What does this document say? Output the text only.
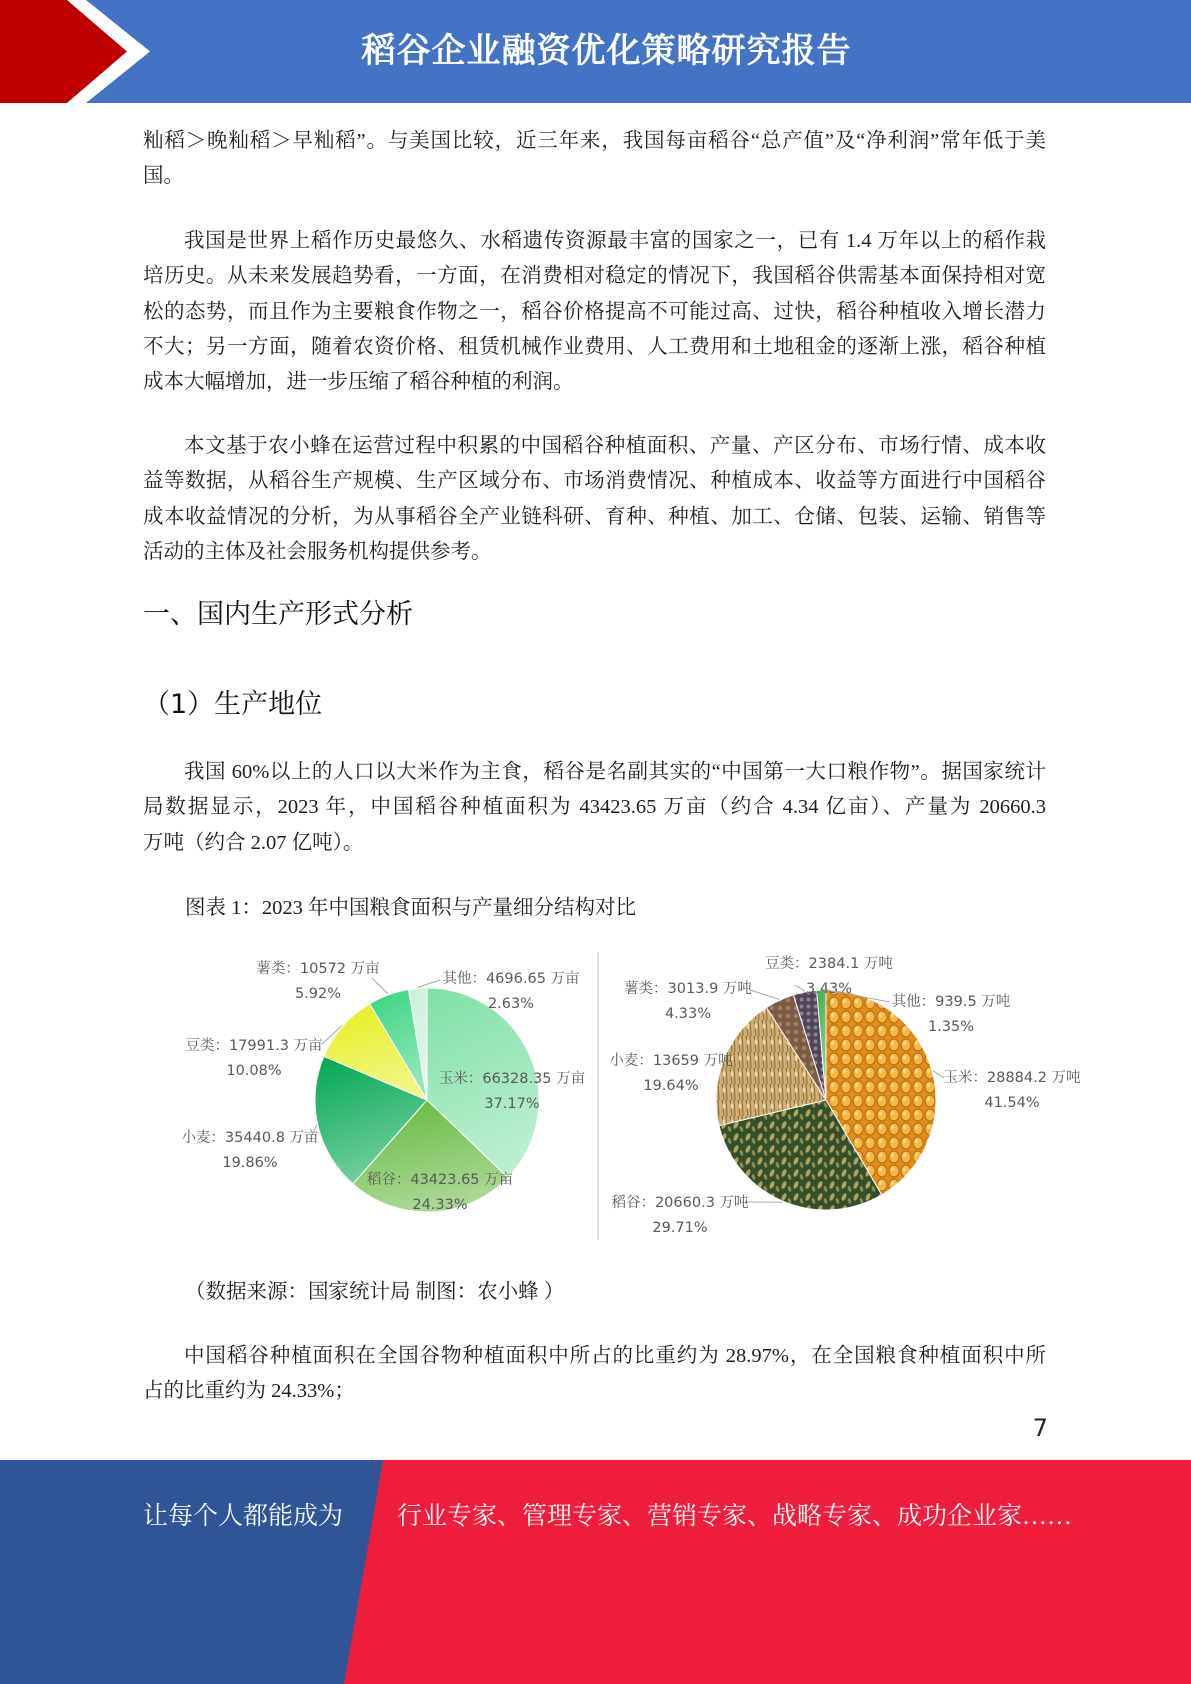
稻谷企业融资优化策略研究报告
籼稻＞晚籼稻＞早籼稻”。与美国比较，近三年来，我国每亩稻谷“总产值”及“净利润”常年低于美
国。
我国是世界上稻作历史最悠久、水稻遗传资源最丰富的国家之一，已有 1.4 万年以上的稻作栽
培历史。从未来发展趋势看，一方面，在消费相对稳定的情况下，我国稻谷供需基本面保持相对宽
松的态势，而且作为主要粮食作物之一，稻谷价格提高不可能过高、过快，稻谷种植收入增长潜力
不大；另一方面，随着农资价格、租赁机械作业费用、人工费用和土地租金的逐渐上涨，稻谷种植
成本大幅增加，进一步压缩了稻谷种植的利润。
本文基于农小蜂在运营过程中积累的中国稻谷种植面积、产量、产区分布、市场行情、成本收
益等数据，从稻谷生产规模、生产区域分布、市场消费情况、种植成本、收益等方面进行中国稻谷
成本收益情况的分析，为从事稻谷全产业链科研、育种、种植、加工、仓储、包装、运输、销售等
活动的主体及社会服务机构提供参考。
一、国内生产形式分析
（1）生产地位
我国 60%以上的人口以大米作为主食，稻谷是名副其实的“中国第一大口粮作物”。据国家统计
局数据显示，2023 年，中国稻谷种植面积为 43423.65 万亩（约合 4.34 亿亩）、产量为 20660.3
万吨（约合 2.07 亿吨）。
图表 1：2023 年中国粮食面积与产量细分结构对比
玉米：66328.35 万亩
37.17%
稻谷：43423.65 万亩
24.33%
小麦：35440.8 万亩
19.86%
豆类：17991.3 万亩
10.08%
薯类：10572 万亩
5.92%
其他：4696.65 万亩
2.63%
玉米：28884.2 万吨
41.54%
稻谷：20660.3 万吨
29.71%
小麦：13659 万吨
19.64%
薯类：3013.9 万吨
4.33%
豆类：2384.1 万吨
3.43%
其他：939.5 万吨
1.35%
（数据来源：国家统计局 制图：农小蜂 ）
中国稻谷种植面积在全国谷物种植面积中所占的比重约为 28.97%，在全国粮食种植面积中所
占的比重约为 24.33%；
7
让每个人都能成为 行业专家、管理专家、营销专家、战略专家、成功企业家……
